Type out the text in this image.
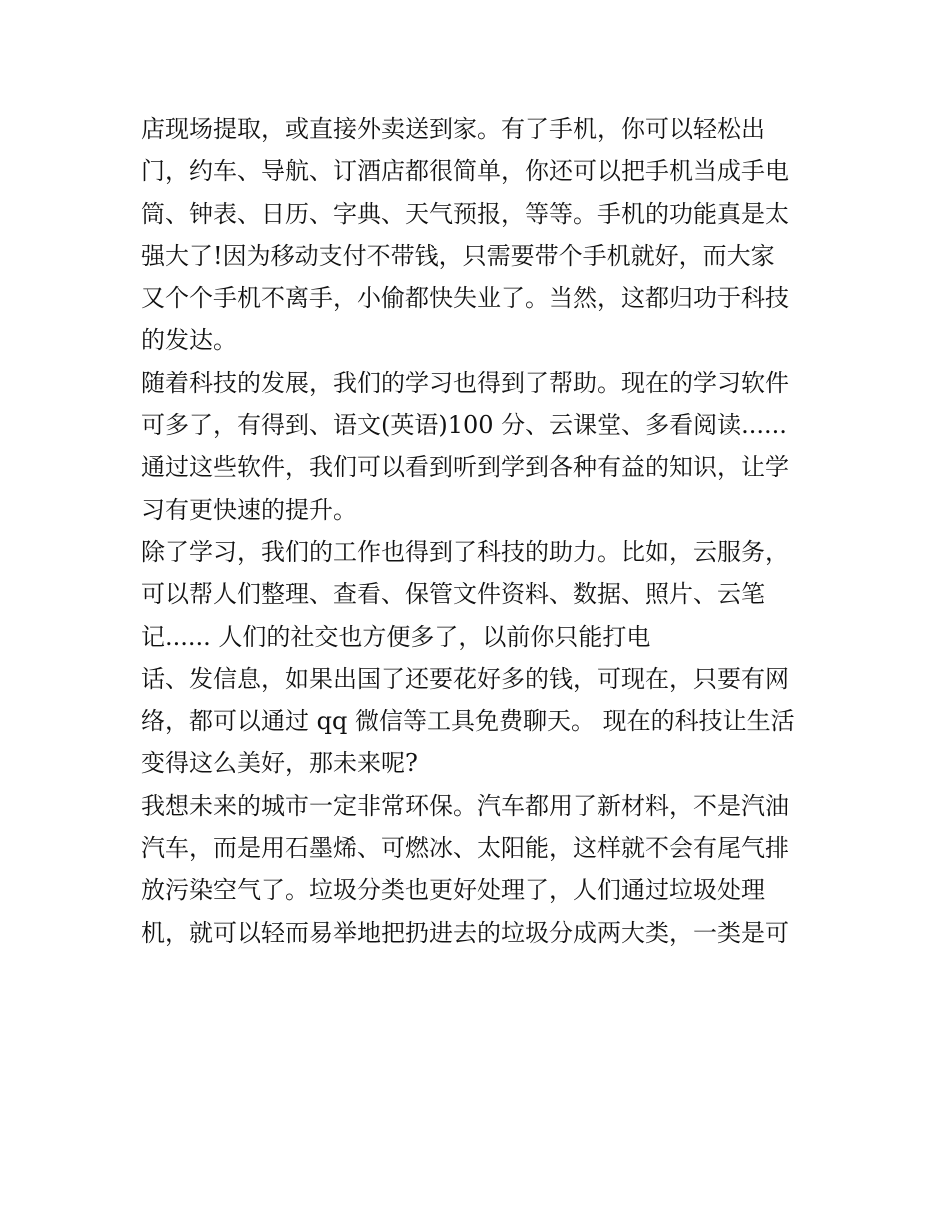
店现场提取，或直接外卖送到家。有了手机，你可以轻松出
门，约车、导航、订酒店都很简单，你还可以把手机当成手电
筒、钟表、日历、字典、天气预报，等等。手机的功能真是太
强大了!因为移动支付不带钱，只需要带个手机就好，而大家
又个个手机不离手，小偷都快失业了。当然，这都归功于科技
的发达。
随着科技的发展，我们的学习也得到了帮助。现在的学习软件
可多了，有得到、语文(英语)100 分、云课堂、多看阅读......
通过这些软件，我们可以看到听到学到各种有益的知识，让学
习有更快速的提升。
除了学习，我们的工作也得到了科技的助力。比如，云服务，
可以帮人们整理、查看、保管文件资料、数据、照片、云笔
记...... 人们的社交也方便多了，以前你只能打电
话、发信息，如果出国了还要花好多的钱，可现在，只要有网
络，都可以通过 qq 微信等工具免费聊天。 现在的科技让生活
变得这么美好，那未来呢?
我想未来的城市一定非常环保。汽车都用了新材料，不是汽油
汽车，而是用石墨烯、可燃冰、太阳能，这样就不会有尾气排
放污染空气了。垃圾分类也更好处理了，人们通过垃圾处理
机，就可以轻而易举地把扔进去的垃圾分成两大类，一类是可
